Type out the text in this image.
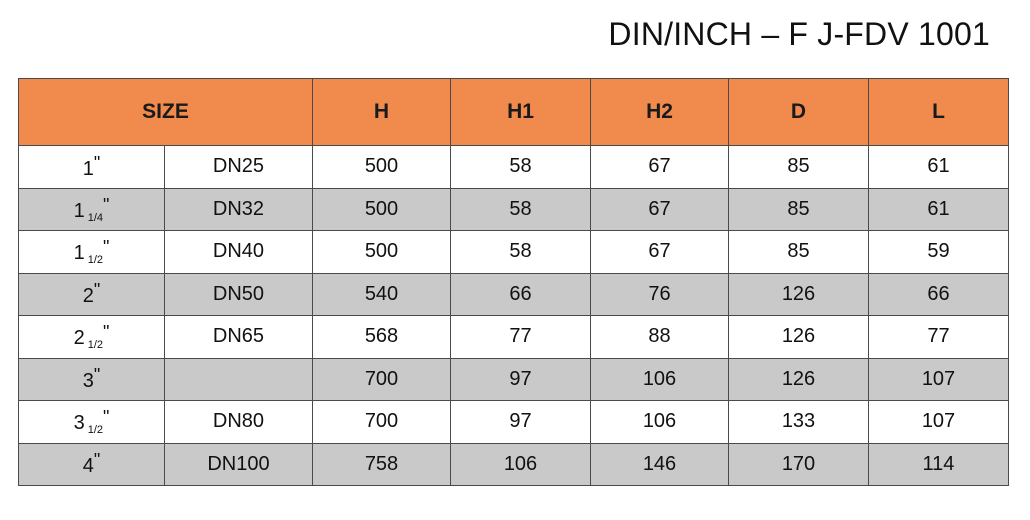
DIN/INCH – F J-FDV 1001
SIZE		H	H1	H2	D	L
1"	DN25	500	58	67	85	61
1 $_{1/4}$"	DN32	500	58	67	85	61
1 $_{1/2}$"	DN40	500	58	67	85	59
2"	DN50	540	66	76	126	66
2 $_{1/2}$"	DN65	568	77	88	126	77
3"		700	97	106	126	107
3 $_{1/2}$"	DN80	700	97	106	133	107
4"	DN100	758	106	146	170	114
